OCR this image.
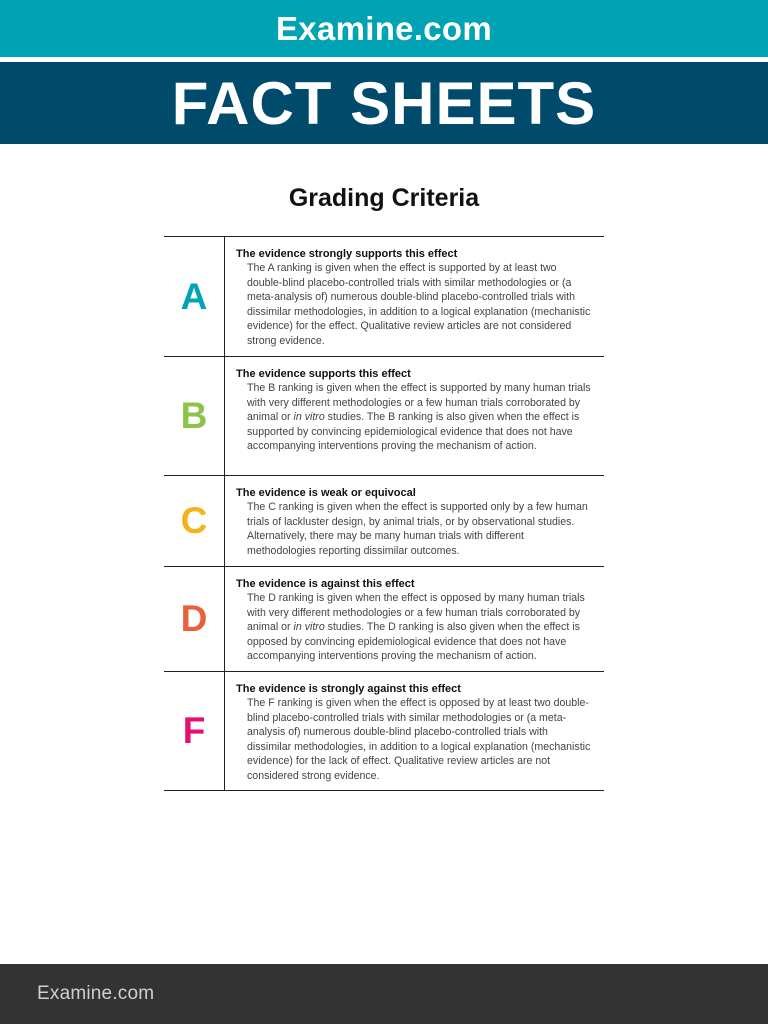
Examine.com
FACT SHEETS
Grading Criteria
A
The evidence strongly supports this effect
The A ranking is given when the effect is supported by at least two double-blind placebo-controlled trials with similar methodologies or (a meta-analysis of) numerous double-blind placebo-controlled trials with dissimilar methodologies, in addition to a logical explanation (mechanistic evidence) for the effect. Qualitative review articles are not considered strong evidence.
B
The evidence supports this effect
The B ranking is given when the effect is supported by many human trials with very different methodologies or a few human trials corroborated by animal or in vitro studies. The B ranking is also given when the effect is supported by convincing epidemiological evidence that does not have accompanying interventions proving the mechanism of action.
C
The evidence is weak or equivocal
The C ranking is given when the effect is supported only by a few human trials of lackluster design, by animal trials, or by observational studies. Alternatively, there may be many human trials with different methodologies reporting dissimilar outcomes.
D
The evidence is against this effect
The D ranking is given when the effect is opposed by many human trials with very different methodologies or a few human trials corroborated by animal or in vitro studies. The D ranking is also given when the effect is opposed by convincing epidemiological evidence that does not have accompanying interventions proving the mechanism of action.
F
The evidence is strongly against this effect
The F ranking is given when the effect is opposed by at least two double-blind placebo-controlled trials with similar methodologies or (a meta-analysis of) numerous double-blind placebo-controlled trials with dissimilar methodologies, in addition to a logical explanation (mechanistic evidence) for the lack of effect. Qualitative review articles are not considered strong evidence.
Examine.com
